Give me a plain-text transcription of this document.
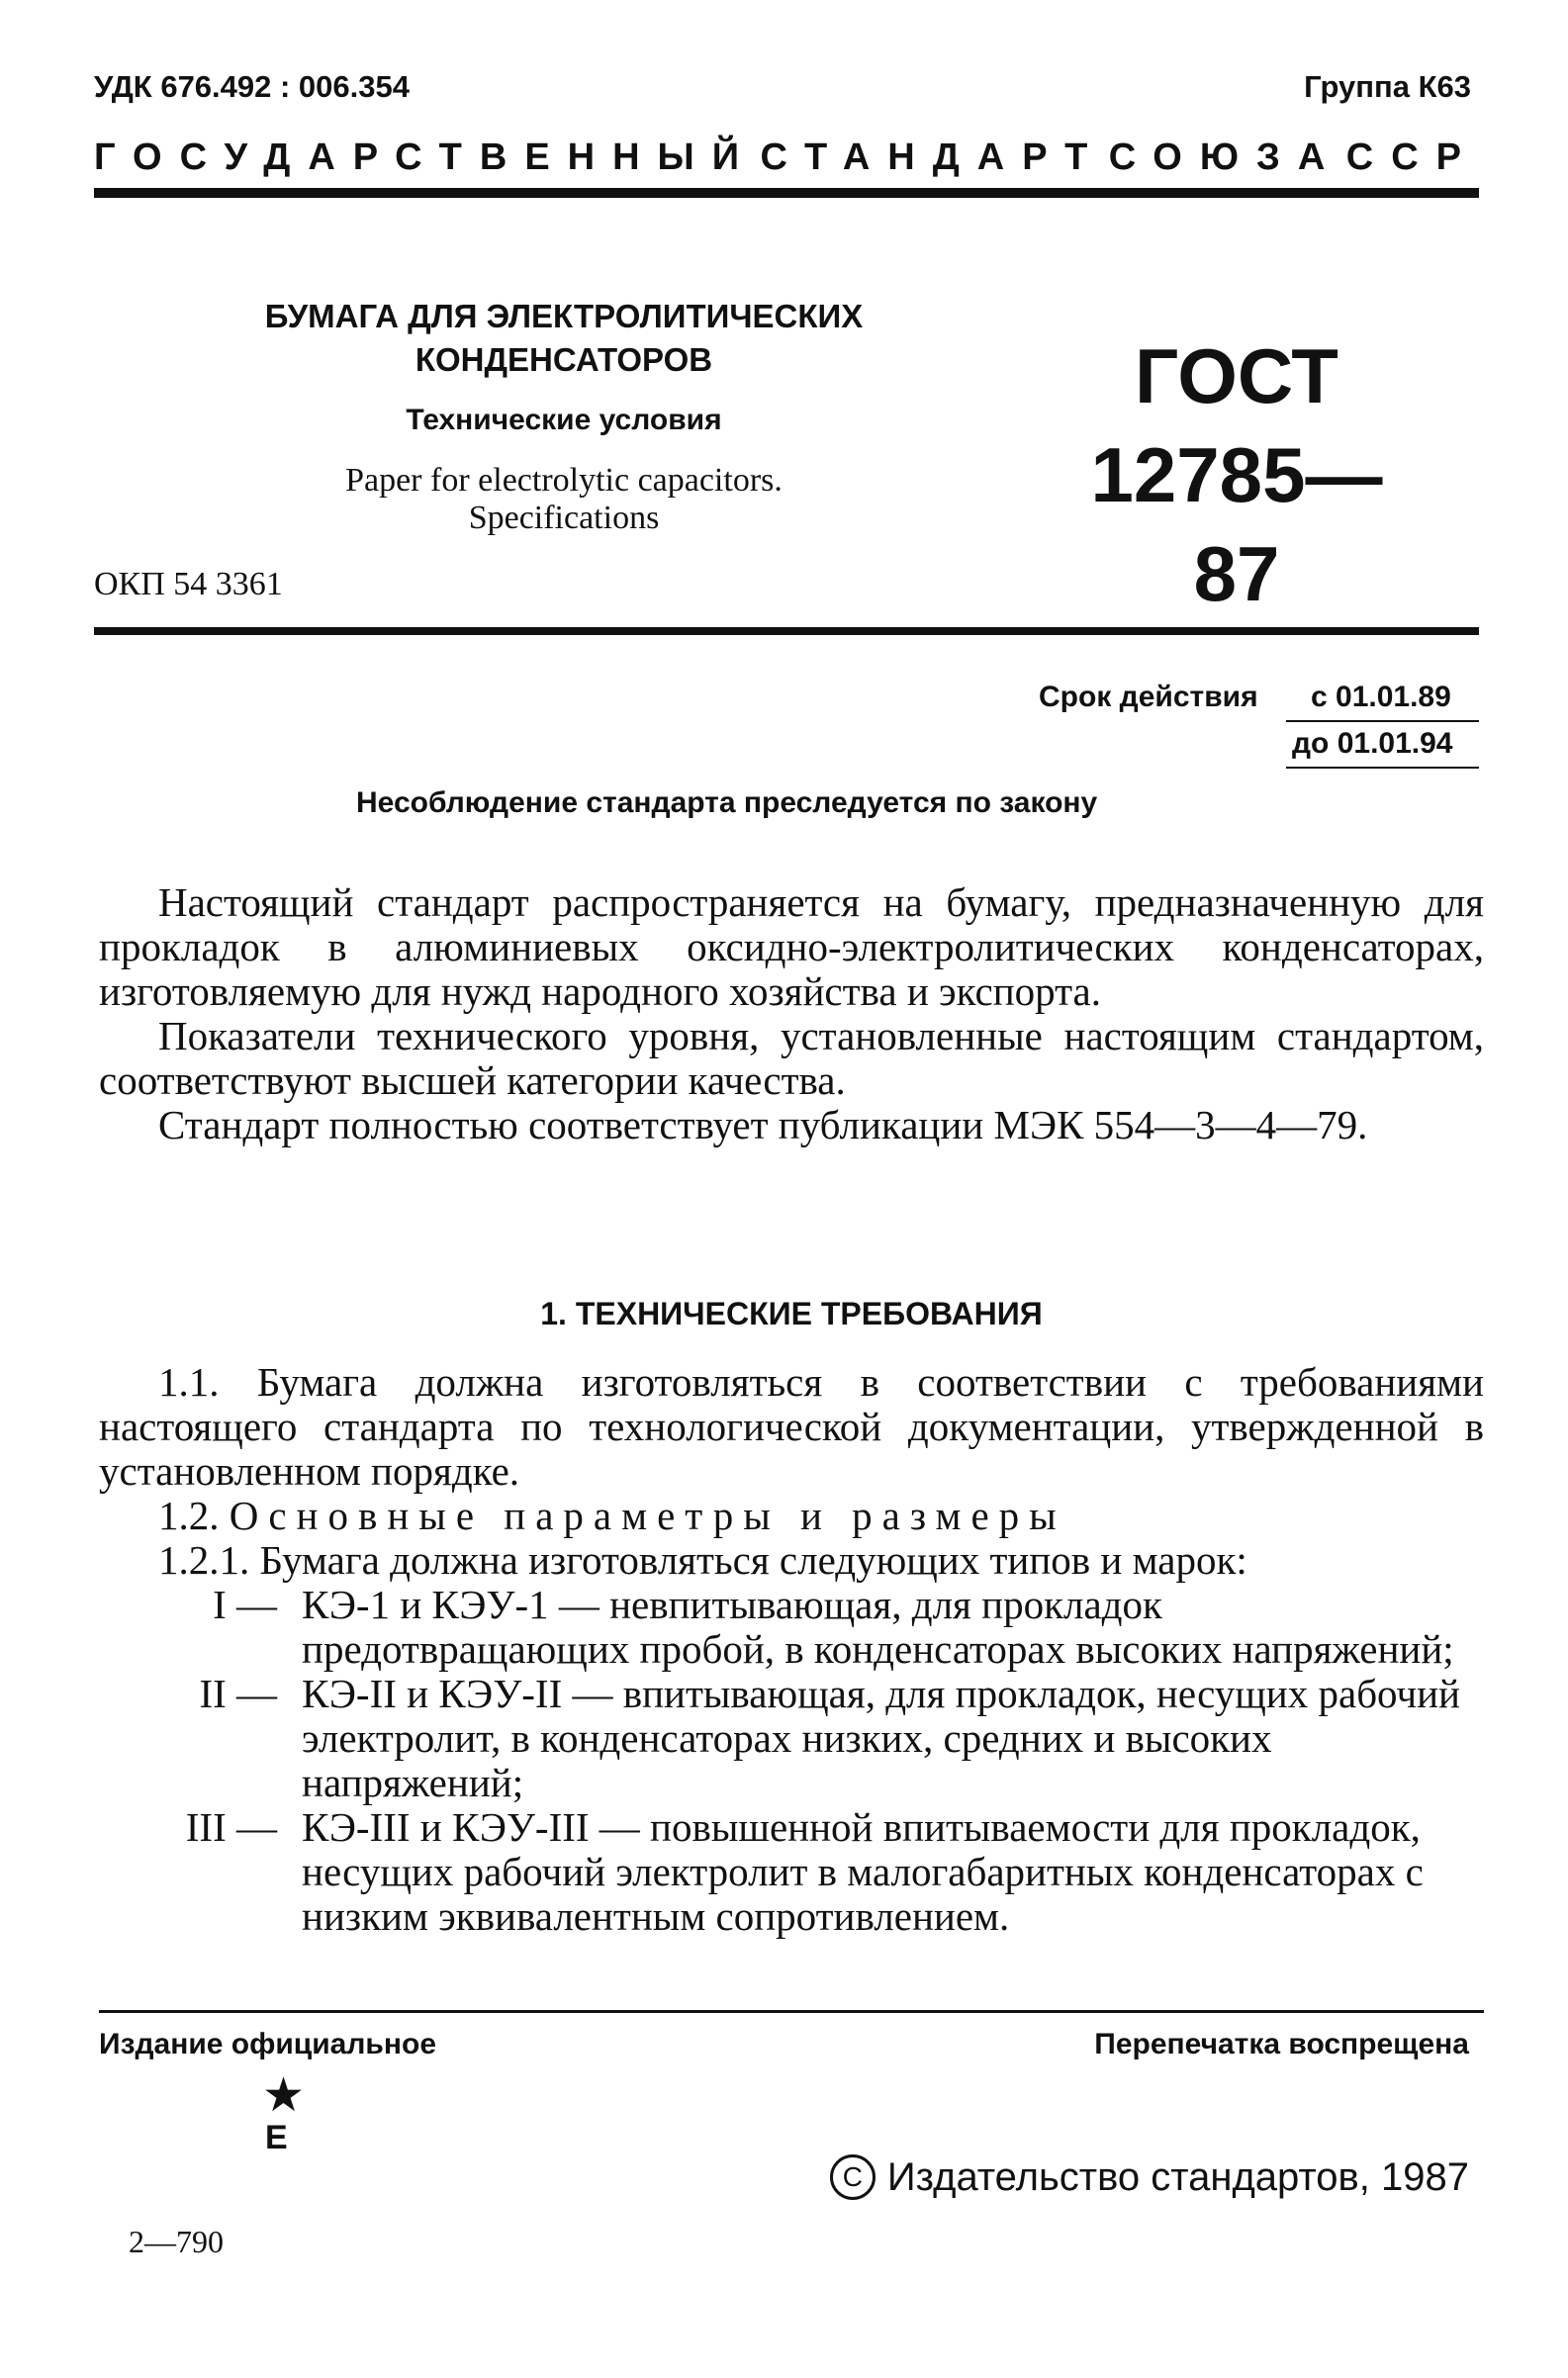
УДК 676.492 : 006.354	Группа К63
ГОСУДАРСТВЕННЫЙ СТАНДАРТ СОЮЗА ССР
БУМАГА ДЛЯ ЭЛЕКТРОЛИТИЧЕСКИХ
КОНДЕНСАТОРОВ
Технические условия
Paper for electrolytic capacitors.
Specifications
ГОСТ
12785—87
ОКП 54 3361
Срок действия с 01.01.89
до 01.01.94
Несоблюдение стандарта преследуется по закону

Настоящий стандарт распространяется на бумагу, предназначенную для прокладок в алюминиевых оксидно-электролитических конденсаторах, изготовляемую для нужд народного хозяйства и экспорта.

Показатели технического уровня, установленные настоящим стандартом, соответствуют высшей категории качества.

Стандарт полностью соответствует публикации МЭК 554—3—4—79.

1. ТЕХНИЧЕСКИЕ ТРЕБОВАНИЯ

1.1. Бумага должна изготовляться в соответствии с требованиями настоящего стандарта по технологической документации, утвержденной в установленном порядке.

1.2. Основные параметры и размеры

1.2.1. Бумага должна изготовляться следующих типов и марок:

I — КЭ-1 и КЭУ-1 — невпитывающая, для прокладок предотвращающих пробой, в конденсаторах высоких напряжений;
II — КЭ-II и КЭУ-II — впитывающая, для прокладок, несущих рабочий электролит, в конденсаторах низких, средних и высоких напряжений;
III — КЭ-III и КЭУ-III — повышенной впитываемости для прокладок, несущих рабочий электролит в малогабаритных конденсаторах с низким эквивалентным сопротивлением.
Издание официальное	Перепечатка воспрещена
★
Е
C Издательство стандартов, 1987
2—790
